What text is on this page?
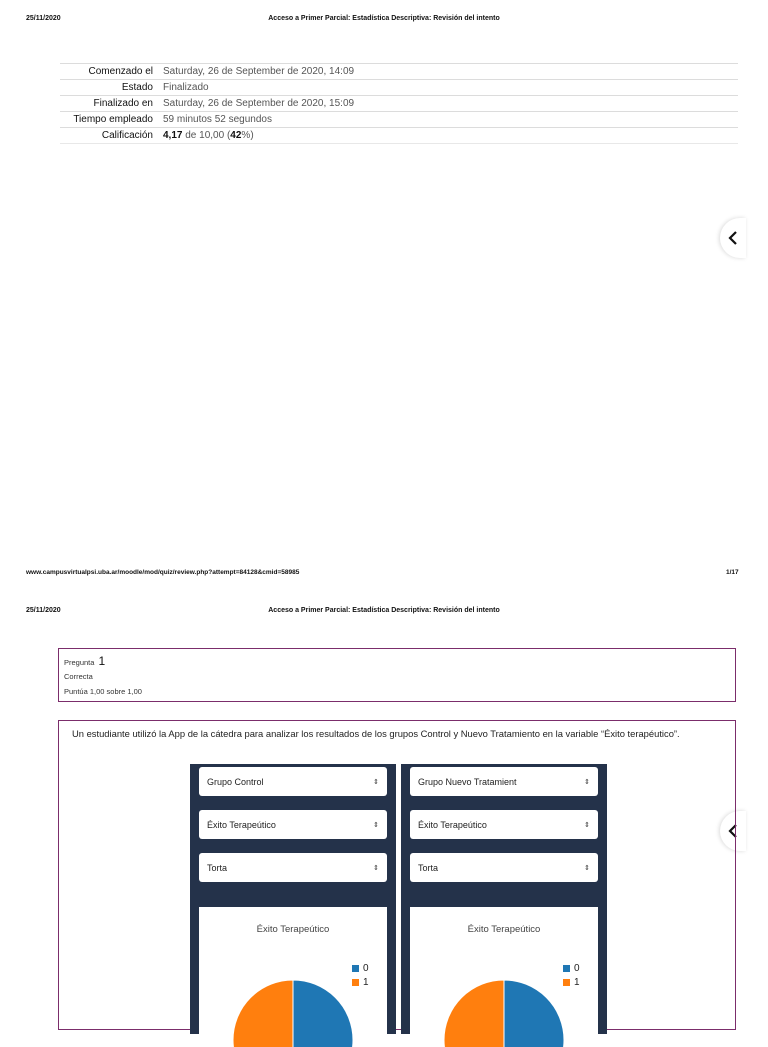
25/11/2020	Acceso a Primer Parcial: Estadística Descriptiva: Revisión del intento
Comenzado el	Saturday, 26 de September de 2020, 14:09
Estado	Finalizado
Finalizado en	Saturday, 26 de September de 2020, 15:09
Tiempo empleado	59 minutos 52 segundos
Calificación	4,17 de 10,00 (42%)
www.campusvirtualpsi.uba.ar/moodle/mod/quiz/review.php?attempt=84128&cmid=58985	1/17
25/11/2020	Acceso a Primer Parcial: Estadística Descriptiva: Revisión del intento
Pregunta 1
Correcta
Puntúa 1,00 sobre 1,00

Un estudiante utilizó la App de la cátedra para analizar los resultados de los grupos Control y Nuevo Tratamiento en la variable “Éxito terapéutico”.

Grupo Control	⇕
Éxito Terapeútico	⇕
Torta	⇕
Éxito Terapeútico
0
1
Grupo Nuevo Tratamient	⇕
Éxito Terapeútico	⇕
Torta	⇕
Éxito Terapeútico
0
1
